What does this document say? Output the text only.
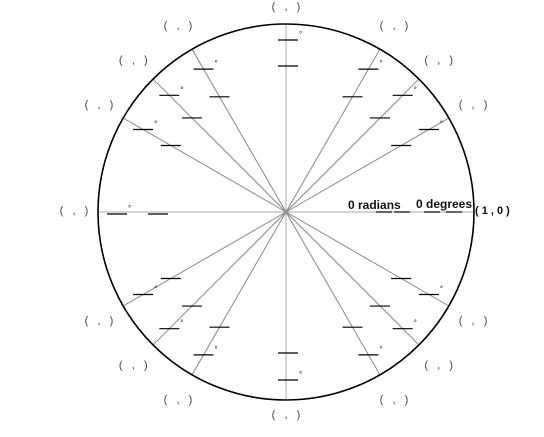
°
°
°
°
°
°
°
°
°
°
°
°
°
°
°
(   ,   )
(   ,   )
(   ,   )
(   ,   )
(   ,   )
(   ,   )
(   ,   )
(   ,   )
(   ,   )
(   ,   )
(   ,   )
(   ,   )
(   ,   )
(   ,   )
(   ,   )
0 radians 0 degrees ( 1 , 0 )
